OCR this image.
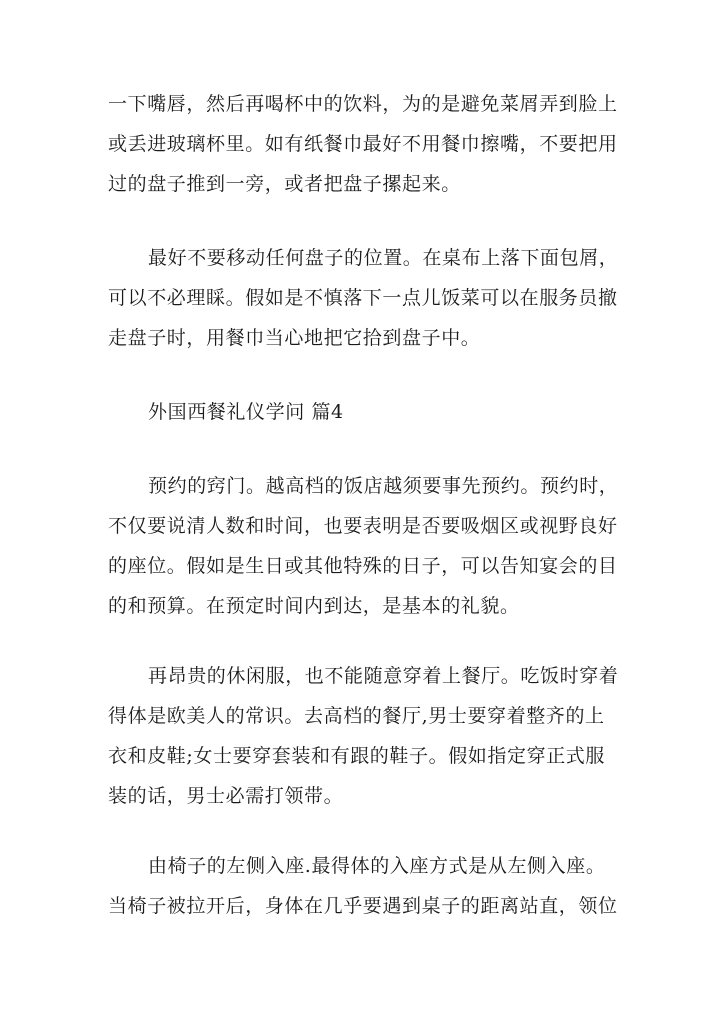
一下嘴唇，然后再喝杯中的饮料，为的是避免菜屑弄到脸上
或丢进玻璃杯里。如有纸餐巾最好不用餐巾擦嘴，不要把用
过的盘子推到一旁，或者把盘子摞起来。

最好不要移动任何盘子的位置。在桌布上落下面包屑，
可以不必理睬。假如是不慎落下一点儿饭菜可以在服务员撤
走盘子时，用餐巾当心地把它拾到盘子中。

外国西餐礼仪学问 篇4

预约的窍门。越高档的饭店越须要事先预约。预约时，
不仅要说清人数和时间，也要表明是否要吸烟区或视野良好
的座位。假如是生日或其他特殊的日子，可以告知宴会的目
的和预算。在预定时间内到达，是基本的礼貌。

再昂贵的休闲服，也不能随意穿着上餐厅。吃饭时穿着
得体是欧美人的常识。去高档的餐厅,男士要穿着整齐的上
衣和皮鞋;女士要穿套装和有跟的鞋子。假如指定穿正式服
装的话，男士必需打领带。

由椅子的左侧入座.最得体的入座方式是从左侧入座。
当椅子被拉开后，身体在几乎要遇到桌子的距离站直，领位
